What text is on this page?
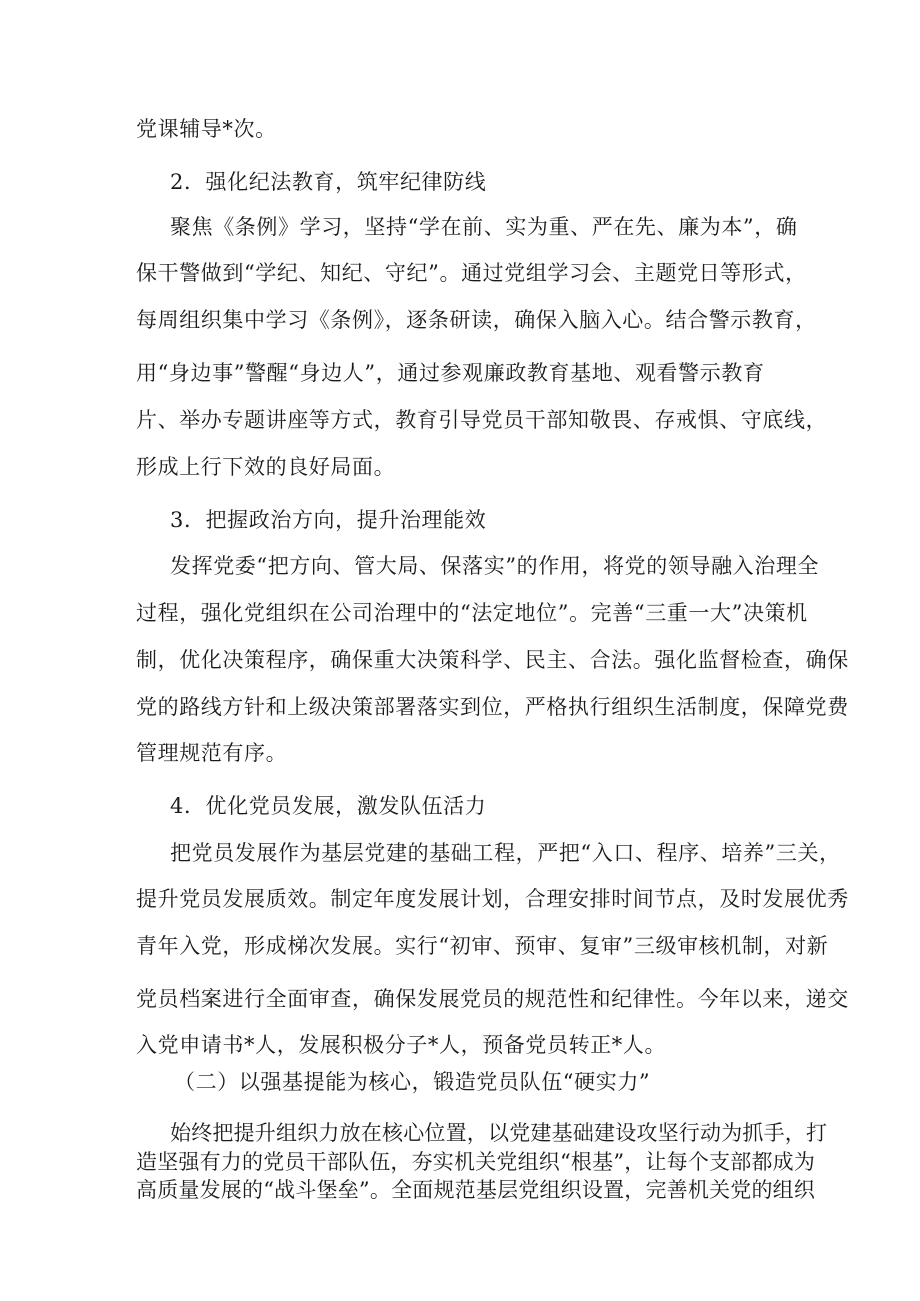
党课辅导*次。
2．强化纪法教育，筑牢纪律防线
聚焦《条例》学习，坚持“学在前、实为重、严在先、廉为本”，确
保干警做到“学纪、知纪、守纪”。通过党组学习会、主题党日等形式，
每周组织集中学习《条例》，逐条研读，确保入脑入心。结合警示教育，
用“身边事”警醒“身边人”，通过参观廉政教育基地、观看警示教育
片、举办专题讲座等方式，教育引导党员干部知敬畏、存戒惧、守底线，
形成上行下效的良好局面。
3．把握政治方向，提升治理能效
发挥党委“把方向、管大局、保落实”的作用，将党的领导融入治理全
过程，强化党组织在公司治理中的“法定地位”。完善“三重一大”决策机
制，优化决策程序，确保重大决策科学、民主、合法。强化监督检查，确保
党的路线方针和上级决策部署落实到位，严格执行组织生活制度，保障党费
管理规范有序。
4．优化党员发展，激发队伍活力
把党员发展作为基层党建的基础工程，严把“入口、程序、培养”三关，
提升党员发展质效。制定年度发展计划，合理安排时间节点，及时发展优秀
青年入党，形成梯次发展。实行“初审、预审、复审”三级审核机制，对新
党员档案进行全面审查，确保发展党员的规范性和纪律性。今年以来，递交
入党申请书*人，发展积极分子*人，预备党员转正*人。
（二）以强基提能为核心，锻造党员队伍“硬实力”
始终把提升组织力放在核心位置，以党建基础建设攻坚行动为抓手，打
造坚强有力的党员干部队伍，夯实机关党组织“根基”，让每个支部都成为
高质量发展的“战斗堡垒”。全面规范基层党组织设置，完善机关党的组织
